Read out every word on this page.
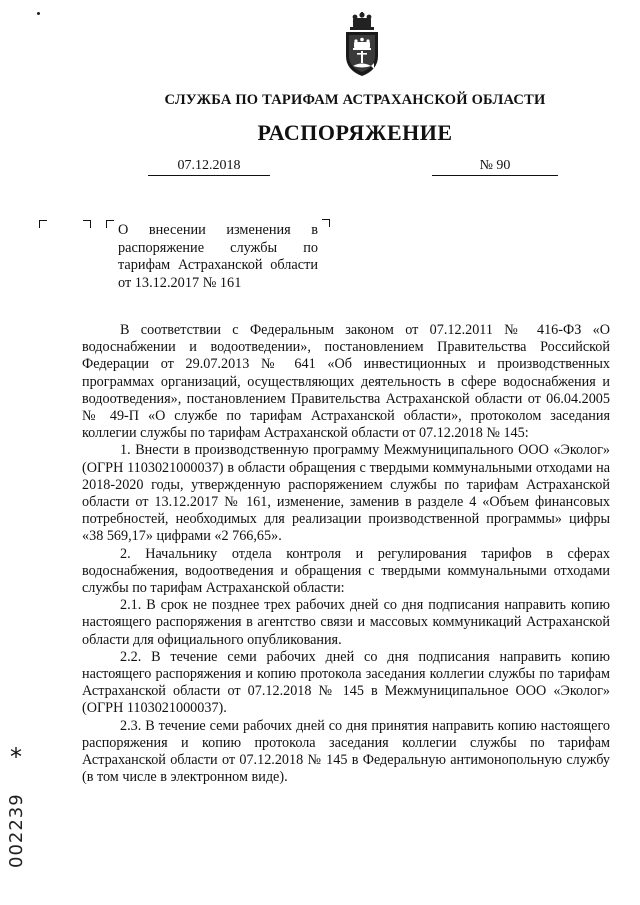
СЛУЖБА ПО ТАРИФАМ АСТРАХАНСКОЙ ОБЛАСТИ
РАСПОРЯЖЕНИЕ
07.12.2018	№ 90
О внесении изменения в распоряжение службы по тарифам Астраханской области от 13.12.2017 № 161

В соответствии с Федеральным законом от 07.12.2011 № 416-ФЗ «О водоснабжении и водоотведении», постановлением Правительства Российской Федерации от 29.07.2013 № 641 «Об инвестиционных и производственных программах организаций, осуществляющих деятельность в сфере водоснабжения и водоотведения», постановлением Правительства Астраханской области от 06.04.2005 № 49-П «О службе по тарифам Астраханской области», протоколом заседания коллегии службы по тарифам Астраханской области от 07.12.2018 № 145:

1. Внести в производственную программу Межмуниципального ООО «Эколог» (ОГРН 1103021000037) в области обращения с твердыми коммунальными отходами на 2018-2020 годы, утвержденную распоряжением службы по тарифам Астраханской области от 13.12.2017 № 161, изменение, заменив в разделе 4 «Объем финансовых потребностей, необходимых для реализации производственной программы» цифры «38 569,17» цифрами «2 766,65».

2. Начальнику отдела контроля и регулирования тарифов в сферах водоснабжения, водоотведения и обращения с твердыми коммунальными отходами службы по тарифам Астраханской области:

2.1. В срок не позднее трех рабочих дней со дня подписания направить копию настоящего распоряжения в агентство связи и массовых коммуникаций Астраханской области для официального опубликования.

2.2. В течение семи рабочих дней со дня подписания направить копию настоящего распоряжения и копию протокола заседания коллегии службы по тарифам Астраханской области от 07.12.2018 № 145 в Межмуниципальное ООО «Эколог» (ОГРН 1103021000037).

2.3. В течение семи рабочих дней со дня принятия направить копию настоящего распоряжения и копию протокола заседания коллегии службы по тарифам Астраханской области от 07.12.2018 № 145 в Федеральную антимонопольную службу (в том числе в электронном виде).

*
002239
